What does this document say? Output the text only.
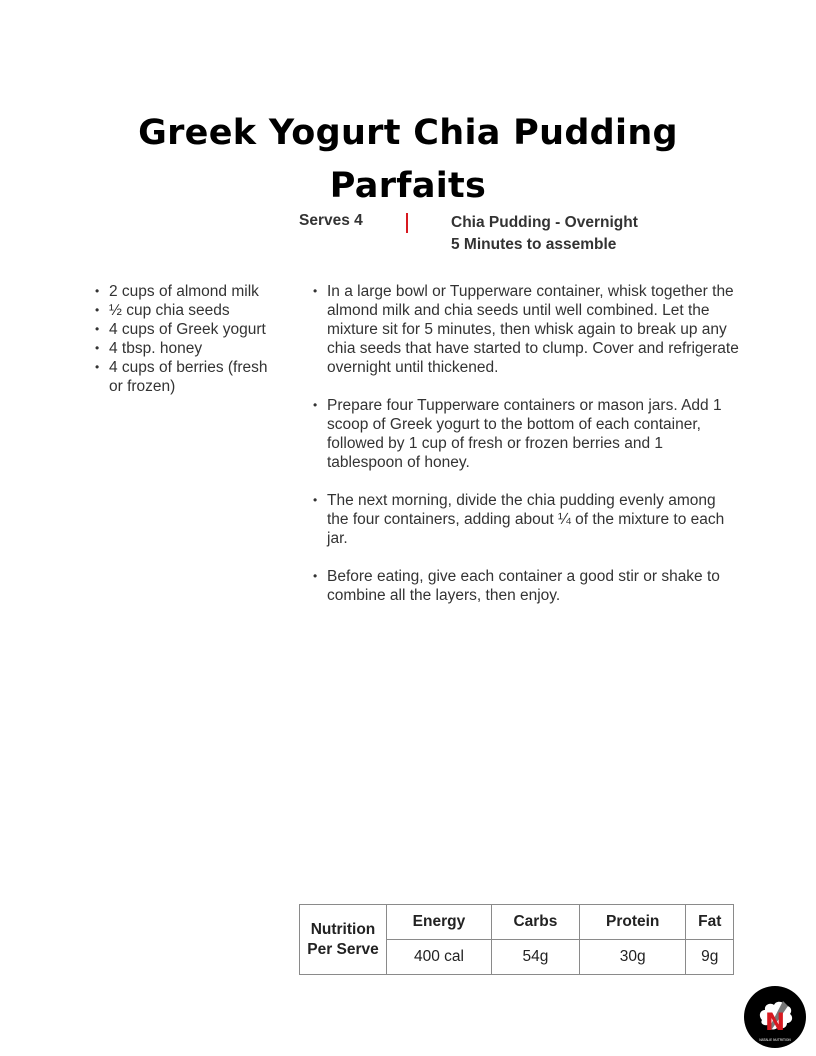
Greek Yogurt Chia Pudding Parfaits
Serves 4	Chia Pudding - Overnight
5 Minutes to assemble
• 2 cups of almond milk
• ½ cup chia seeds
• 4 cups of Greek yogurt
• 4 tbsp. honey
• 4 cups of berries (fresh or frozen)
• In a large bowl or Tupperware container, whisk together the almond milk and chia seeds until well combined. Let the mixture sit for 5 minutes, then whisk again to break up any chia seeds that have started to clump. Cover and refrigerate overnight until thickened.
• Prepare four Tupperware containers or mason jars. Add 1 scoop of Greek yogurt to the bottom of each container, followed by 1 cup of fresh or frozen berries and 1 tablespoon of honey.
• The next morning, divide the chia pudding evenly among the four containers, adding about ¼ of the mixture to each jar.
• Before eating, give each container a good stir or shake to combine all the layers, then enjoy.
Nutrition
Per Serve	Energy	Carbs	Protein	Fat
	400 cal	54g	30g	9g
N
NATALIE NUTRITION
